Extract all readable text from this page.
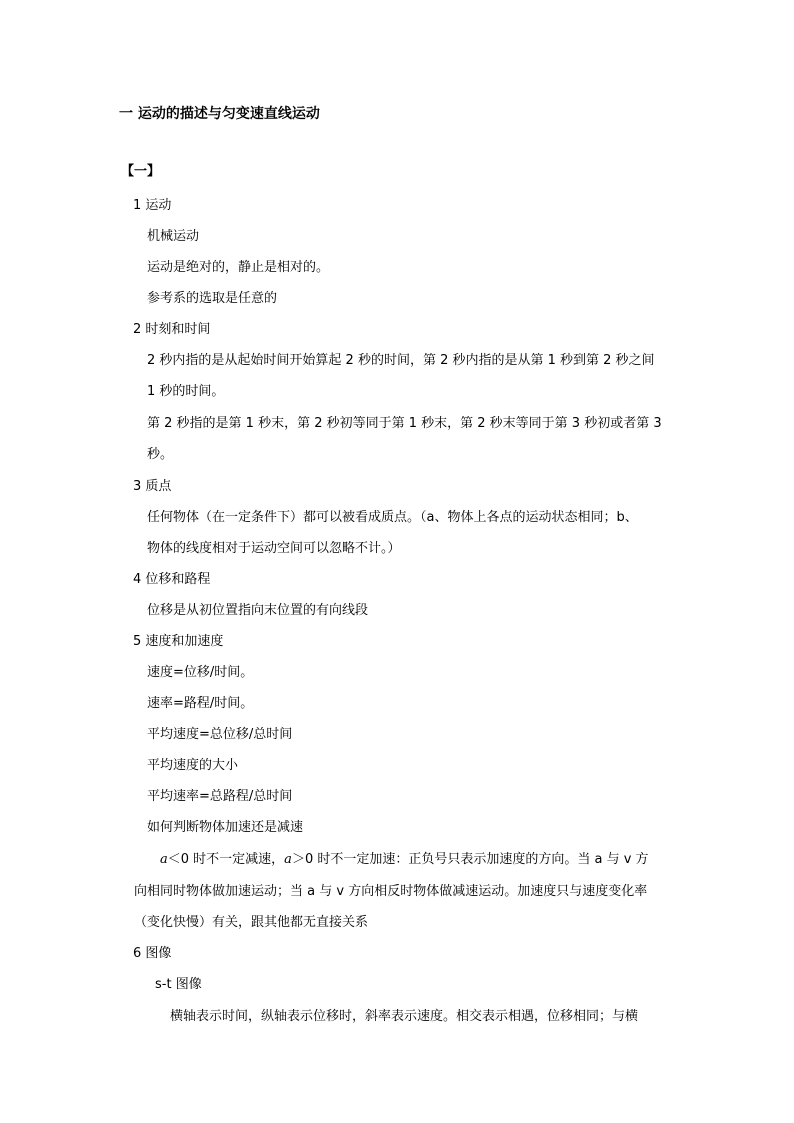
一 运动的描述与匀变速直线运动
【一】
1 运动
机械运动
运动是绝对的，静止是相对的。
参考系的选取是任意的
2 时刻和时间
2 秒内指的是从起始时间开始算起 2 秒的时间，第 2 秒内指的是从第 1 秒到第 2 秒之间
1 秒的时间。
第 2 秒指的是第 1 秒末，第 2 秒初等同于第 1 秒末，第 2 秒末等同于第 3 秒初或者第 3
秒。
3 质点
任何物体（在一定条件下）都可以被看成质点。（a、物体上各点的运动状态相同；b、
物体的线度相对于运动空间可以忽略不计。）
4 位移和路程
位移是从初位置指向末位置的有向线段
5 速度和加速度
速度=位移/时间。
速率=路程/时间。
平均速度=总位移/总时间
平均速度的大小
平均速率=总路程/总时间
如何判断物体加速还是减速
a＜0 时不一定减速，a＞0 时不一定加速：正负号只表示加速度的方向。当 a 与 v 方
向相同时物体做加速运动；当 a 与 v 方向相反时物体做减速运动。加速度只与速度变化率
（变化快慢）有关，跟其他都无直接关系
6 图像
s-t 图像
横轴表示时间，纵轴表示位移时，斜率表示速度。相交表示相遇，位移相同；与横
